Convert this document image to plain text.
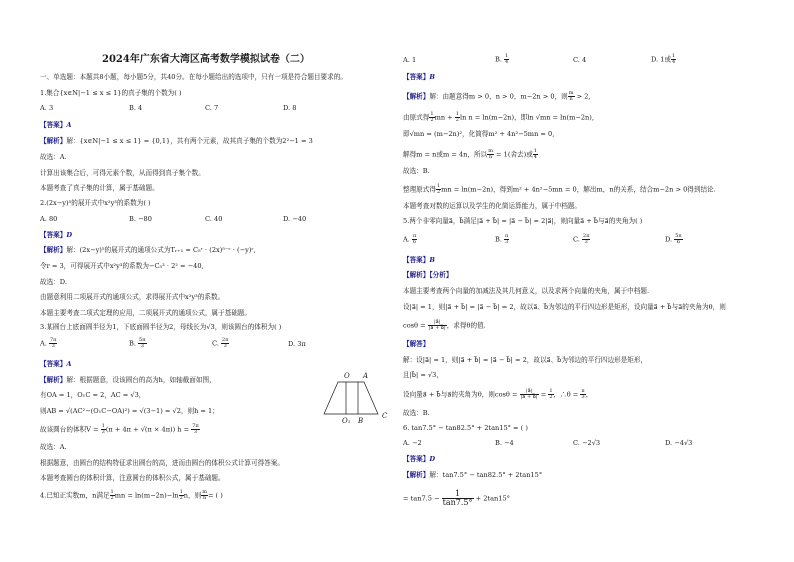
2024年广东省大湾区高考数学模拟试卷（二）
一、单选题：本题共8小题，每小题5分，共40分。在每小题给出的选项中，只有一项是符合题目要求的。
1.集合{x∈N|−1 ≤ x ≤ 1}的真子集的个数为( )
A. 3	B. 4	C. 7	D. 8
【答案】A
【解析】解：{x∈N|−1 ≤ x ≤ 1} = {0,1}，共有两个元素，故其真子集的个数为2²−1 = 3
故选：A.
计算出该集合后，可得元素个数，从而得到真子集个数。
本题考查了真子集的计算，属于基础题。
2.(2x−y)⁵的展开式中x²y³的系数为( )
A. 80	B. −80	C. 40	D. −40
【答案】D
【解析】解：(2x−y)⁵的展开式的通项公式为Tᵣ₊₁ = C₅ʳ · (2x)⁵⁻ʳ · (−y)ʳ,
令r = 3，可得展开式中x²y³的系数为−C₅³ · 2² = −40,
故选：D.
由题意利用二项展开式的通项公式，求得展开式中x²y³的系数。
本题主要考查二项式定理的应用，二项展开式的通项公式，属于基础题。
3.某圆台上底面圆半径为1，下底面圆半径为2，母线长为√3，则该圆台的体积为( )
A. $\frac{7\pi}{3}$	B. $\frac{5\pi}{3}$	C. $\frac{2\pi}{3}$	D. 3π
【答案】A
【解析】解：根据题意，设该圆台的高为h，如轴截面如图，
有OA = 1，O₁C = 2，AC = √3，
则AB = √(AC²−(O₁C−OA)²) = √(3−1) = √2，则h = 1；
故该圆台的体积$V = \frac{1}{3} (\pi + 4\pi + √(\pi \times 4\pi)) h = \frac{7\pi}{3}$
故选：A.
根据题意，由圆台的结构特征求出圆台的高，进而由圆台的体积公式计算可得答案。
本题考查圆台的体积计算，注意圆台的体积公式，属于基础题。
4.已知正实数m，n满足 $\frac{1}{2}$ mn = $\ln(m-2n)-\ln \frac{1}{2}$ n，则 $\frac{m}{n}$ = ( )
O A
O₁ B
C
A. 1	B. $\frac{1}{4}$	C. 4	D. 1或 $\frac{1}{4}$
【答案】B
【解析】解：由题意得m > 0，n > 0，m−2n > 0，则 $\frac{m}{n} > 2$,
由原式得 $\frac{1}{2}$ mn + $\frac{1}{2}$ ln n = ln(m−2n)，即ln √mn = ln(m−2n),
即√mn = (m−2n)²，化简得m² + 4n²−5mn = 0,
解得m = n或m = 4n，所以 $\frac{m}{n} = 1$(舍去)或 $\frac{1}{4}$
故选：B.
整理原式得 $\frac{1}{2}$ mn = ln(m−2n)，得到m² + 4n²−5mn = 0，解出m，n的关系，结合m−2n > 0得到结论.
本题考查对数的运算以及学生的化简运算能力，属于中档题。
5.两个非零向量a⃗，b⃗满足|a⃗ + b⃗| = |a⃗ − b⃗| = 2|a⃗|，则向量a⃗ + b⃗与a⃗的夹角为( )
A. $\frac{\pi}{6}$	B. $\frac{\pi}{3}$	C. $\frac{2\pi}{3}$	D. $\frac{5\pi}{6}$
【答案】B
【解析】【分析】
本题主要考查两个向量的加减法及其几何意义，以及求两个向量的夹角，属于中档题.
设|a⃗| = 1，则|a⃗ + b⃗| = |a⃗ − b⃗| = 2，故以a⃗、b⃗为邻边的平行四边形是矩形，设向量a⃗ + b⃗与a⃗的夹角为θ，则
$\cos\theta = \frac{|a⃗|}{|a⃗ + b⃗|}$ ，求得θ的值.
【解答】
解：设|a⃗| = 1，则|a⃗ + b⃗| = |a⃗ − b⃗| = 2，故以a⃗、b⃗为邻边的平行四边形是矩形，
且|b⃗| = √3，
设向量a⃗ + b⃗与a⃗的夹角为θ，则$\cos\theta = \frac{|a⃗|}{|a⃗ + b⃗|} = \frac{1}{2}$ ，∴θ = $\frac{\pi}{3}$ ，
故选：B.
6. tan7.5° − tan82.5° + 2tan15° = ( )
A. −2	B. −4	C. −2√3	D. −4√3
【答案】D
【解析】解：tan7.5° − tan82.5° + 2tan15°
= $\tan 7.5 - \frac{1}{\tan 7.5^\circ} + 2\tan 15^\circ$
